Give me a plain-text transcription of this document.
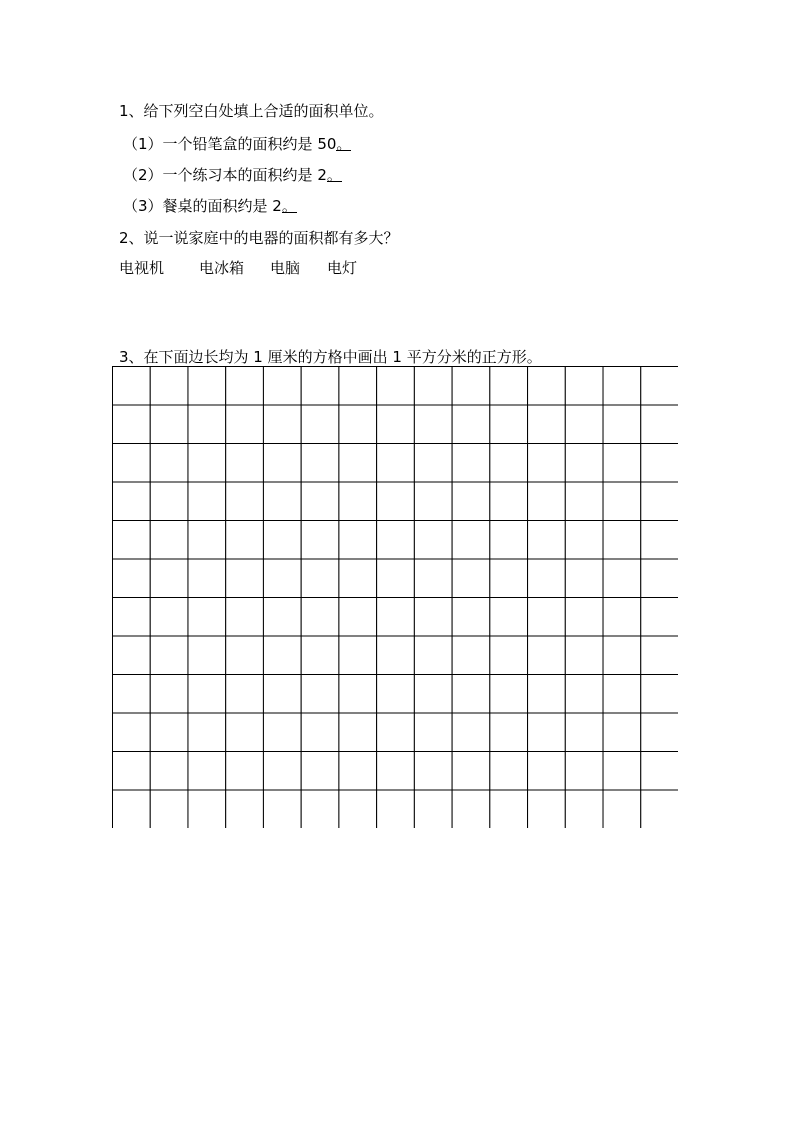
1、给下列空白处填上合适的面积单位。
（1）一个铅笔盒的面积约是 50。
（2）一个练习本的面积约是 2。
（3）餐桌的面积约是 2。
2、说一说家庭中的电器的面积都有多大？
电视机 电冰箱 电脑 电灯
3、在下面边长均为 1 厘米的方格中画出 1 平方分米的正方形。
